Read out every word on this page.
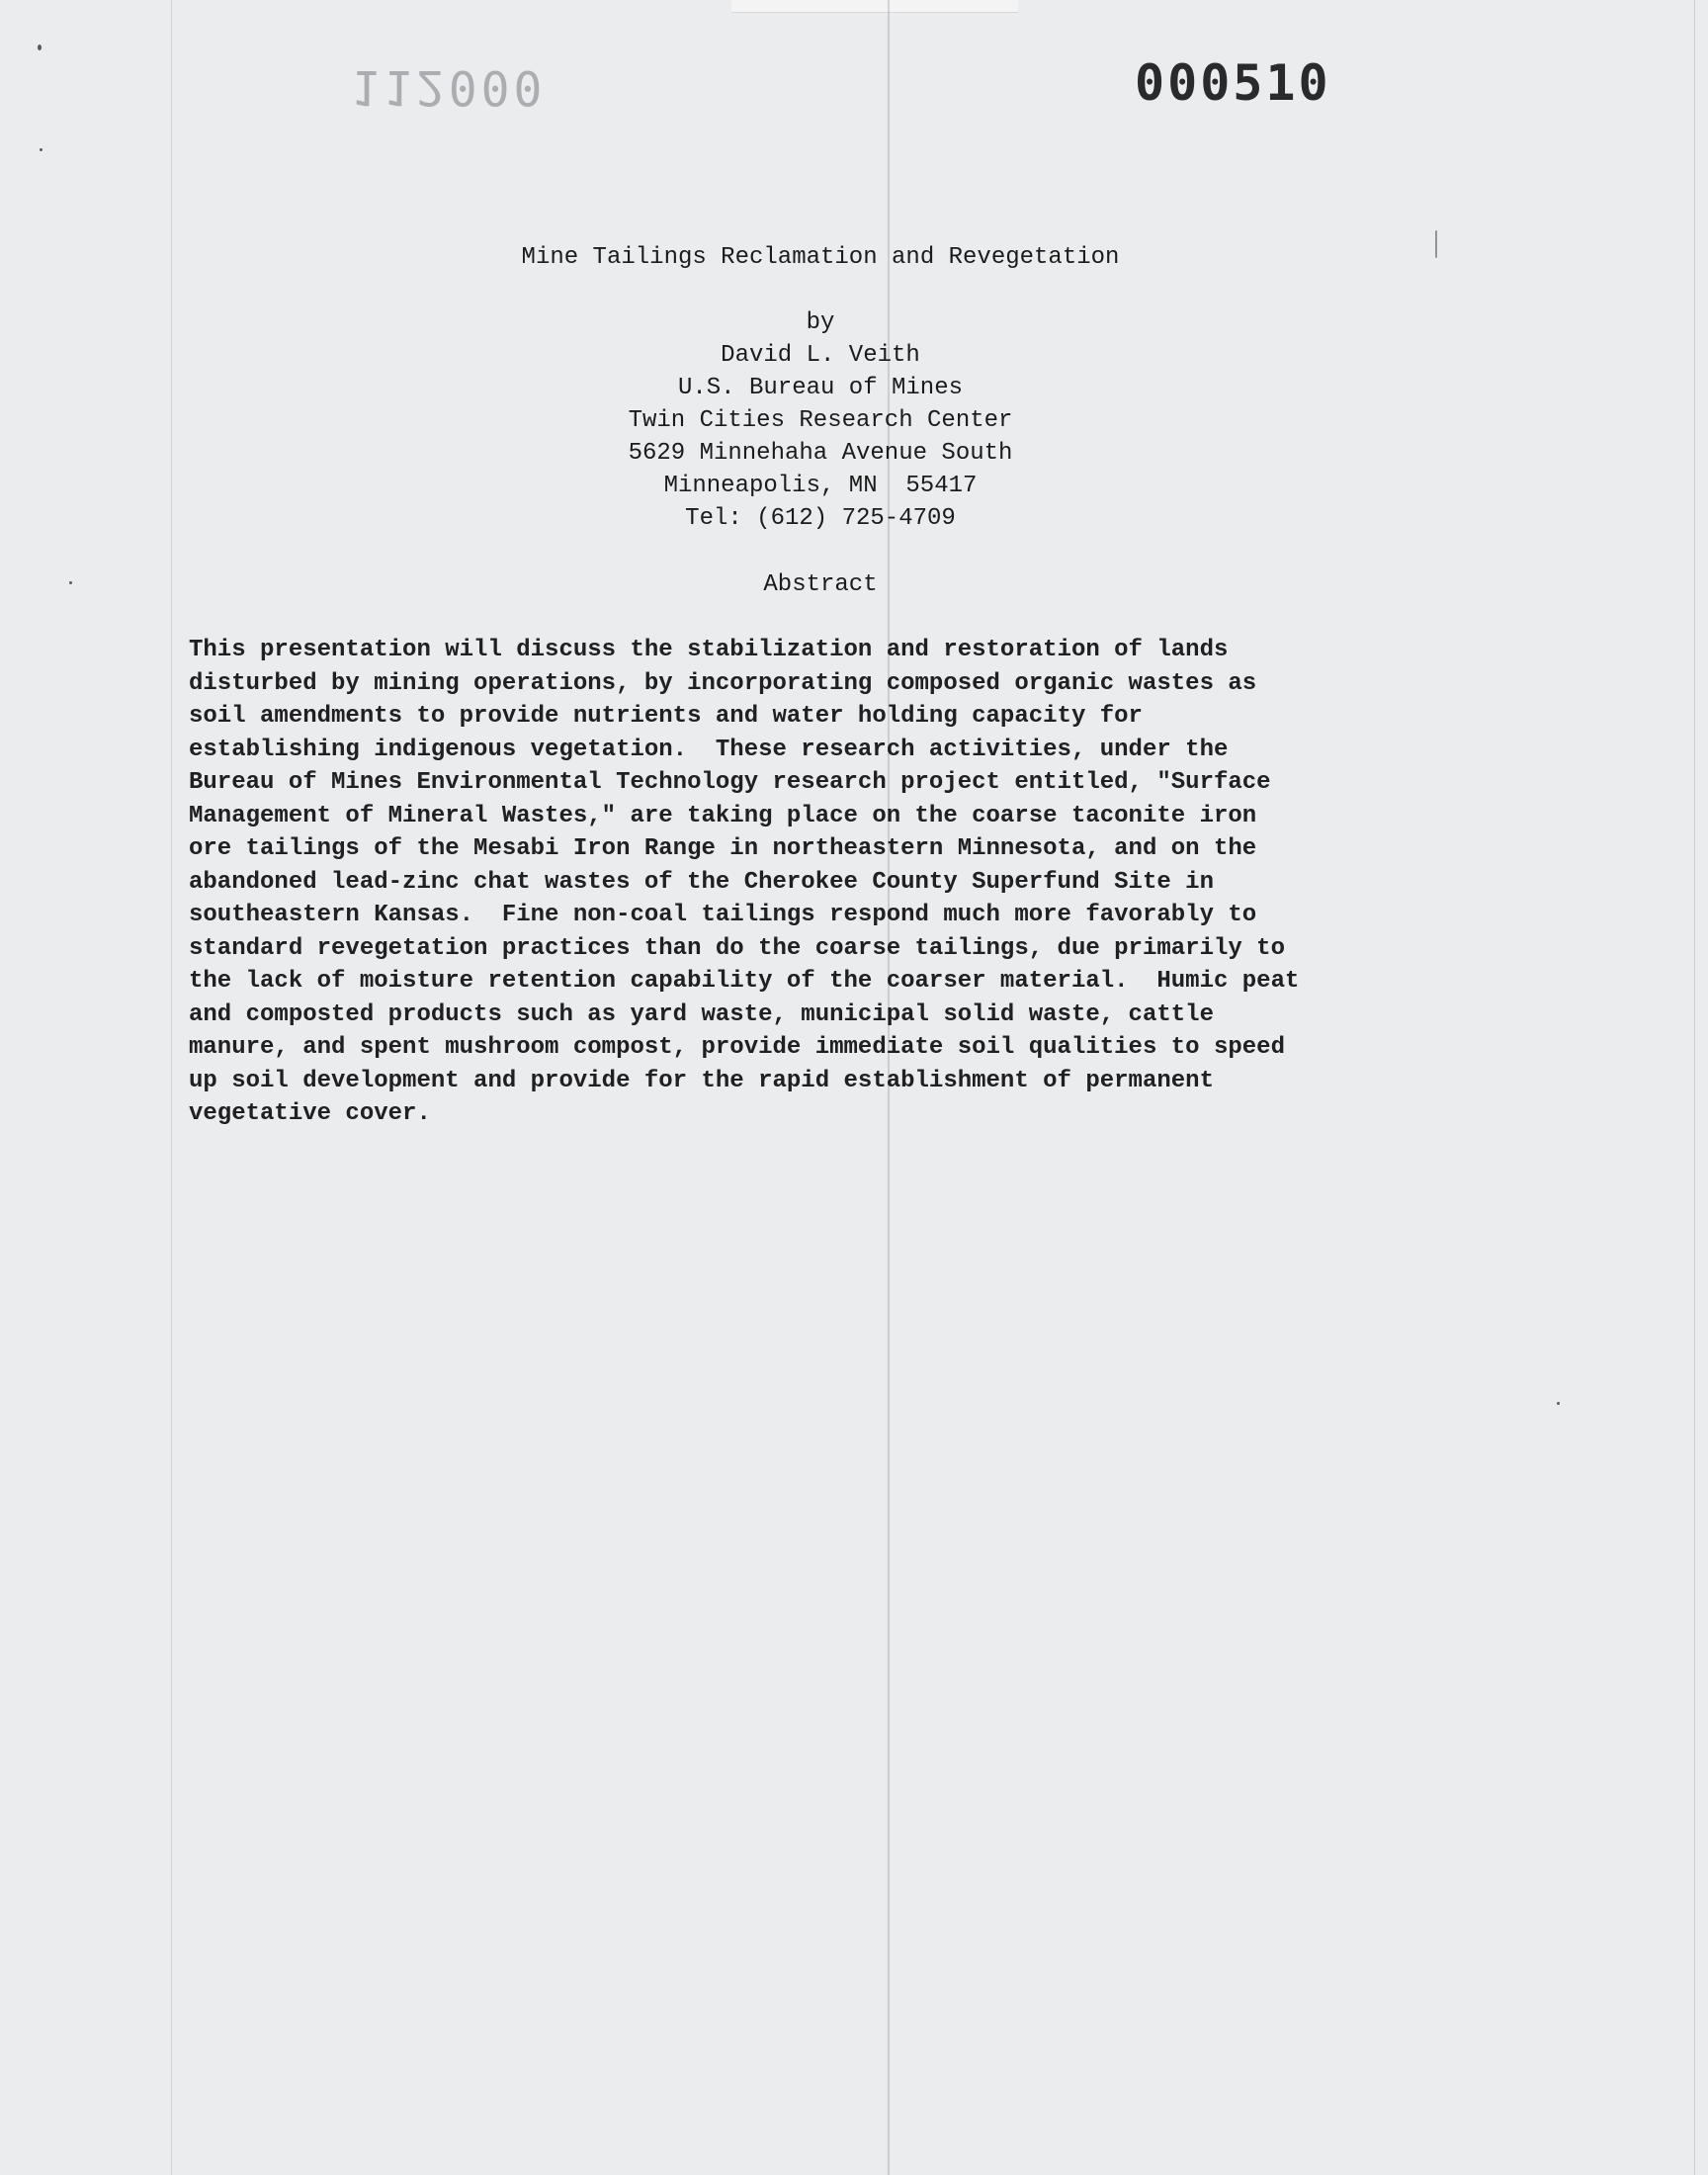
112000	000510
Mine Tailings Reclamation and Revegetation
by
David L. Veith
U.S. Bureau of Mines
Twin Cities Research Center
5629 Minnehaha Avenue South
Minneapolis, MN  55417
Tel: (612) 725-4709
Abstract
This presentation will discuss the stabilization and restoration of lands
disturbed by mining operations, by incorporating composed organic wastes as
soil amendments to provide nutrients and water holding capacity for
establishing indigenous vegetation.  These research activities, under the
Bureau of Mines Environmental Technology research project entitled, "Surface
Management of Mineral Wastes," are taking place on the coarse taconite iron
ore tailings of the Mesabi Iron Range in northeastern Minnesota, and on the
abandoned lead-zinc chat wastes of the Cherokee County Superfund Site in
southeastern Kansas.  Fine non-coal tailings respond much more favorably to
standard revegetation practices than do the coarse tailings, due primarily to
the lack of moisture retention capability of the coarser material.  Humic peat
and composted products such as yard waste, municipal solid waste, cattle
manure, and spent mushroom compost, provide immediate soil qualities to speed
up soil development and provide for the rapid establishment of permanent
vegetative cover.
